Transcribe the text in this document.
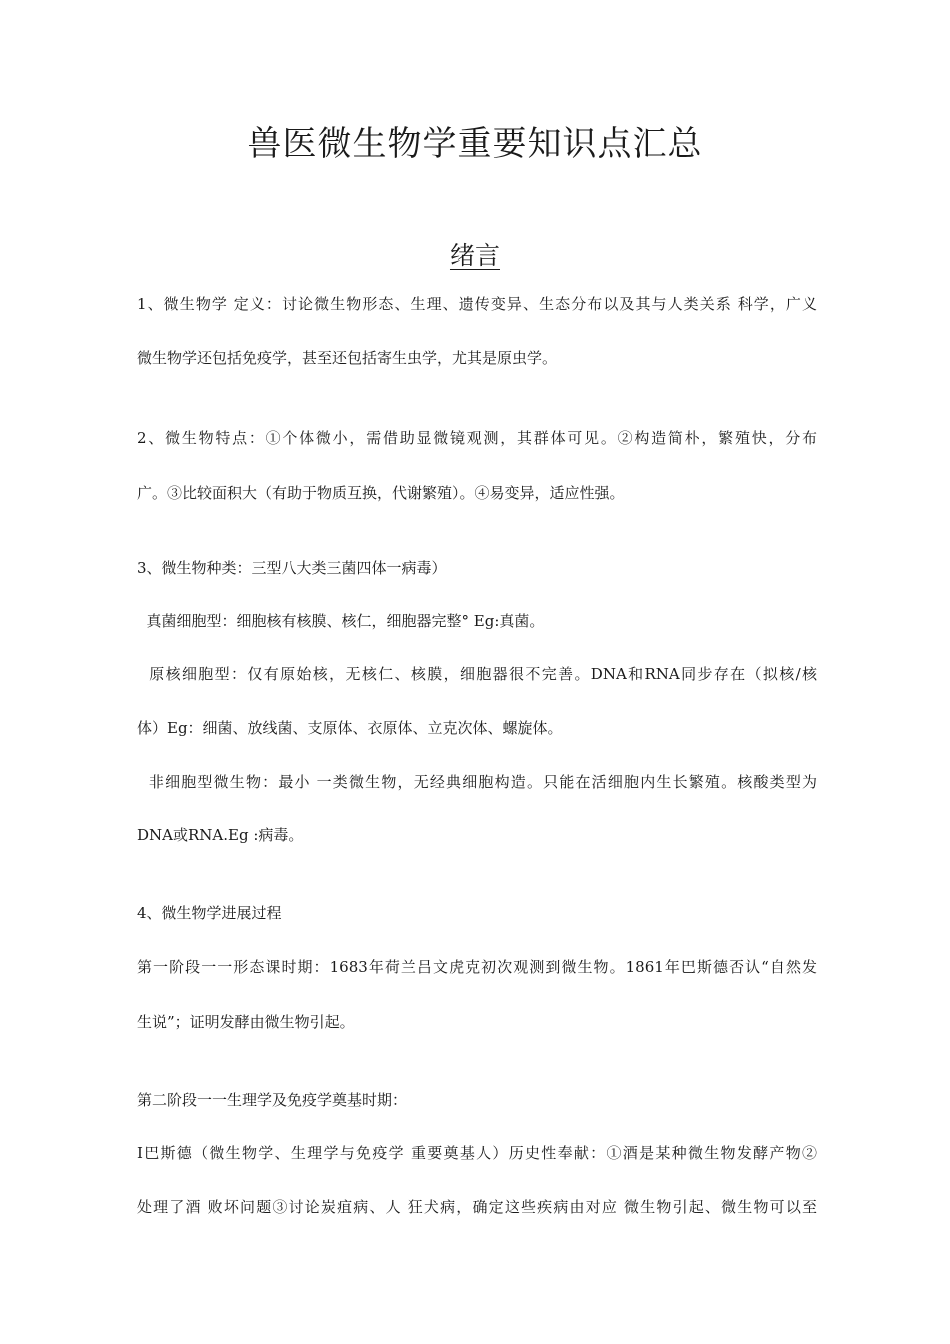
兽医微生物学重要知识点汇总
绪言
1、微生物学 定义：讨论微生物形态、生理、遗传变异、生态分布以及其与人类关系 科学，广义
微生物学还包括免疫学，甚至还包括寄生虫学，尤其是原虫学。
2、微生物特点：①个体微小，需借助显微镜观测，其群体可见。②构造简朴，繁殖快，分布
广。③比较面积大（有助于物质互换，代谢繁殖）。④易变异，适应性强。
3、微生物种类：三型八大类三菌四体一病毒）
真菌细胞型：细胞核有核膜、核仁，细胞器完整° Eg:真菌。
原核细胞型：仅有原始核，无核仁、核膜，细胞器很不完善。DNA和RNA同步存在（拟核/核
体）Eg：细菌、放线菌、支原体、衣原体、立克次体、螺旋体。
非细胞型微生物：最小 一类微生物，无经典细胞构造。只能在活细胞内生长繁殖。核酸类型为
DNA或RNA.Eg :病毒。
4、微生物学进展过程
第一阶段一一形态课时期：1683年荷兰吕文虎克初次观测到微生物。1861年巴斯德否认“自然发
生说”；证明发酵由微生物引起。
第二阶段一一生理学及免疫学奠基时期：
I巴斯德（微生物学、生理学与免疫学 重要奠基人）历史性奉献：①酒是某种微生物发酵产物②
处理了酒 败坏问题③讨论炭疽病、人 狂犬病，确定这些疾病由对应 微生物引起、微生物可以至
